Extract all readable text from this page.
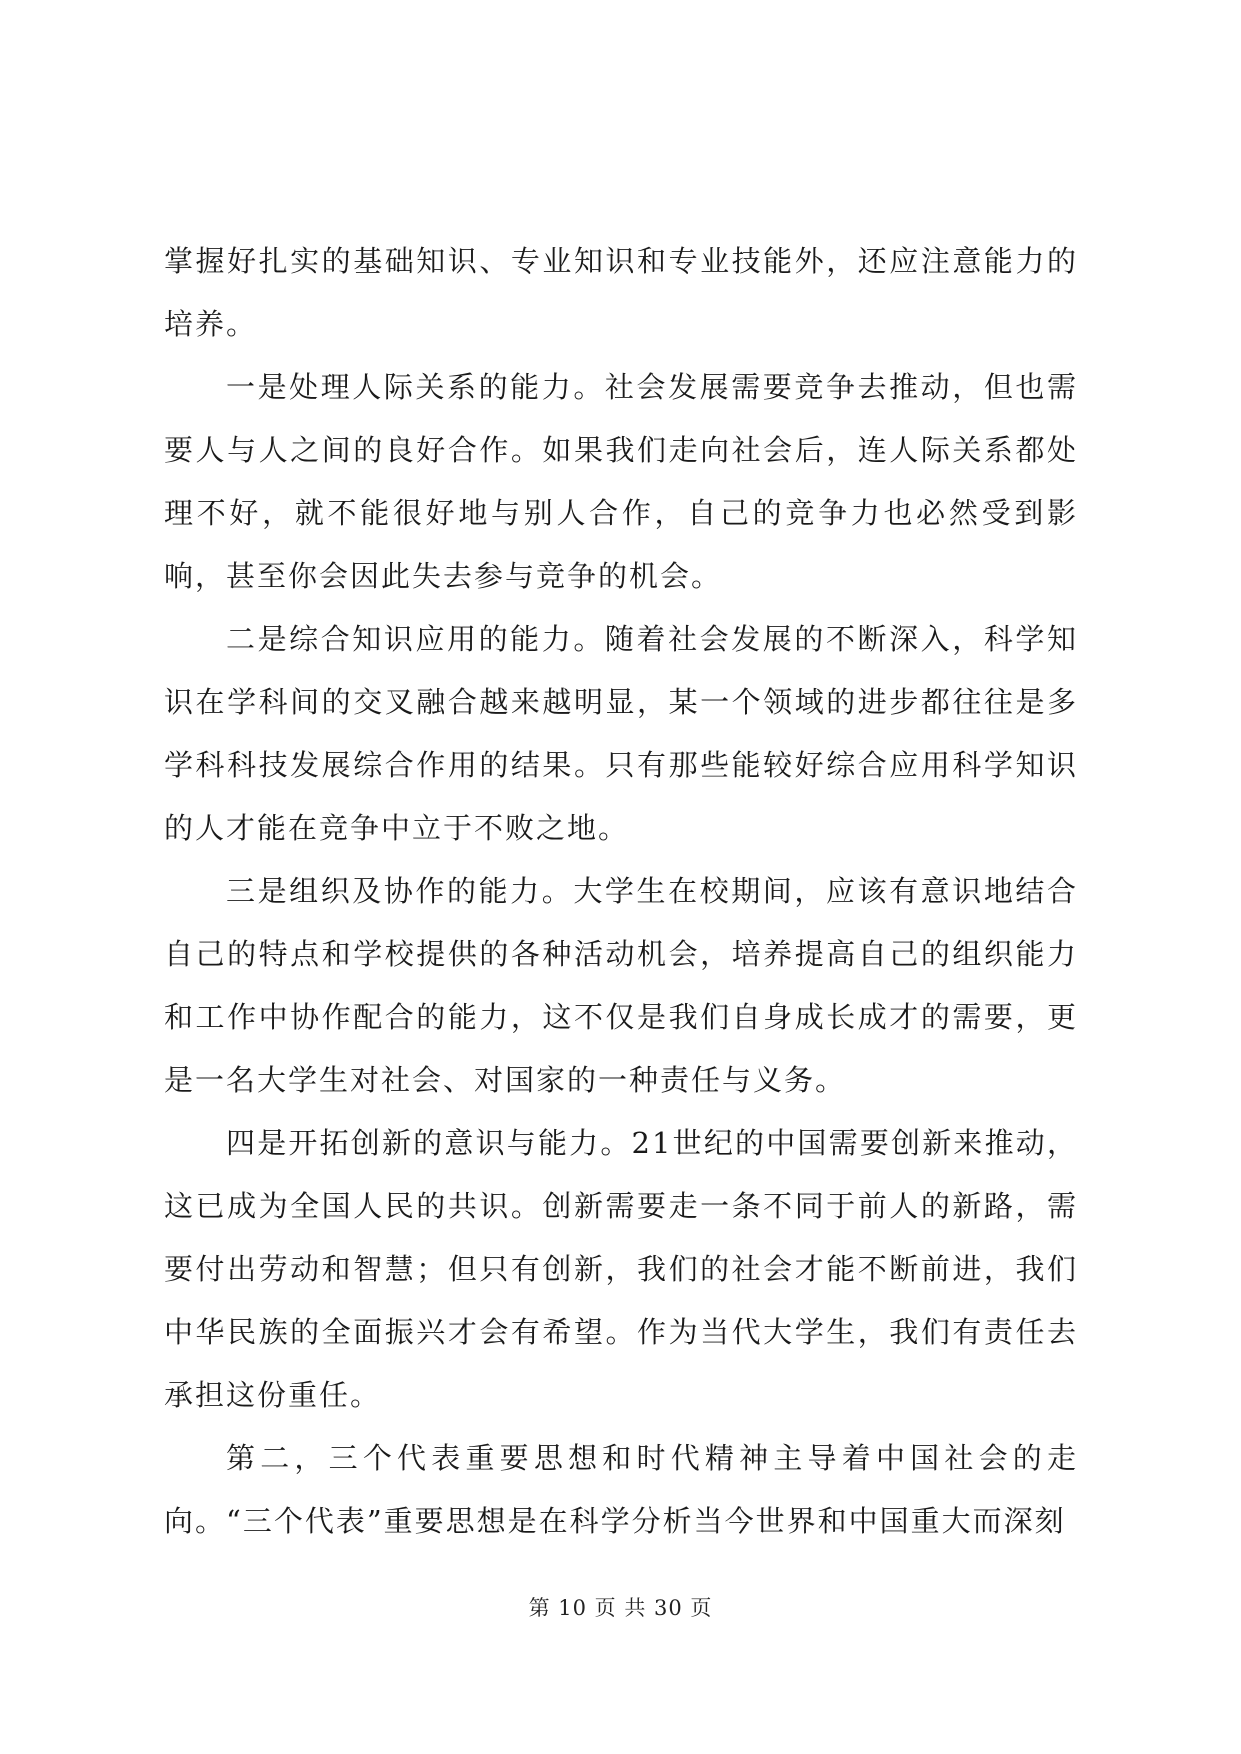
掌握好扎实的基础知识、专业知识和专业技能外，还应注意能力的培养。

一是处理人际关系的能力。社会发展需要竞争去推动，但也需要人与人之间的良好合作。如果我们走向社会后，连人际关系都处理不好，就不能很好地与别人合作，自己的竞争力也必然受到影响，甚至你会因此失去参与竞争的机会。

二是综合知识应用的能力。随着社会发展的不断深入，科学知识在学科间的交叉融合越来越明显，某一个领域的进步都往往是多学科科技发展综合作用的结果。只有那些能较好综合应用科学知识的人才能在竞争中立于不败之地。

三是组织及协作的能力。大学生在校期间，应该有意识地结合自己的特点和学校提供的各种活动机会，培养提高自己的组织能力和工作中协作配合的能力，这不仅是我们自身成长成才的需要，更是一名大学生对社会、对国家的一种责任与义务。

四是开拓创新的意识与能力。21世纪的中国需要创新来推动，这已成为全国人民的共识。创新需要走一条不同于前人的新路，需要付出劳动和智慧；但只有创新，我们的社会才能不断前进，我们中华民族的全面振兴才会有希望。作为当代大学生，我们有责任去承担这份重任。

第二，三个代表重要思想和时代精神主导着中国社会的走向。“三个代表”重要思想是在科学分析当今世界和中国重大而深刻

第 10 页 共 30 页
